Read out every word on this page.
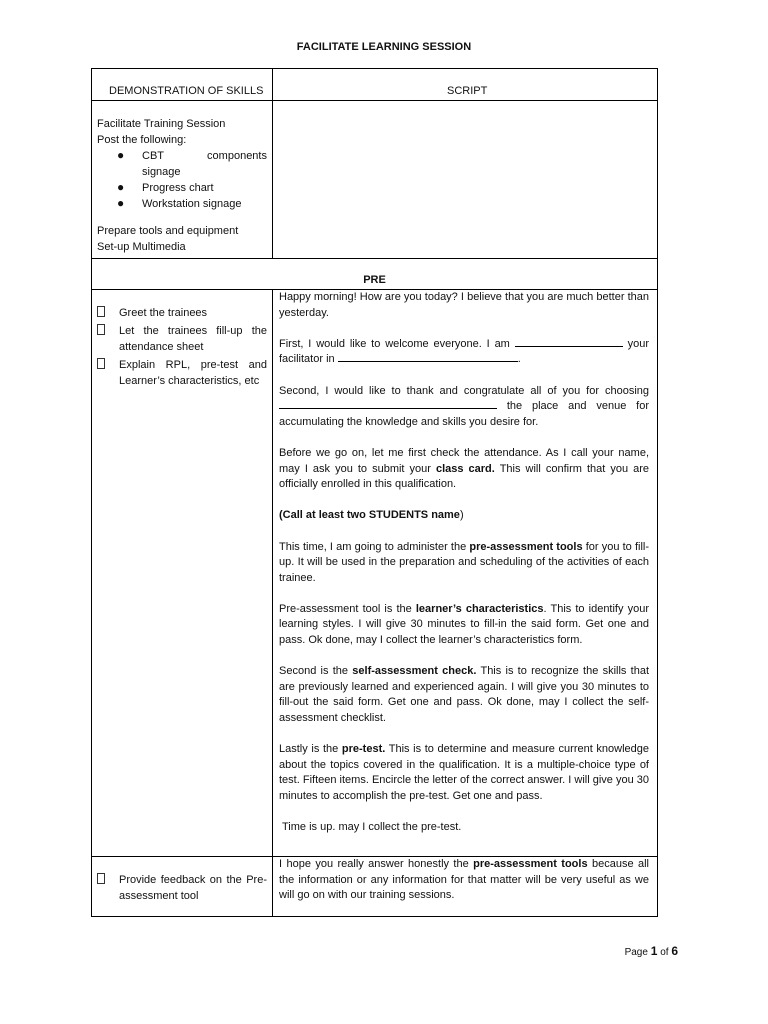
FACILITATE LEARNING SESSION
DEMONSTRATION OF SKILLS	SCRIPT
Facilitate Training Session
Post the following:
● CBT components signage
● Progress chart
● Workstation signage
Prepare tools and equipment
Set-up Multimedia
PRE
Greet the trainees
Let the trainees fill-up the attendance sheet
Explain RPL, pre-test and Learner’s characteristics, etc

Happy morning! How are you today? I believe that you are much better than yesterday.

First, I would like to welcome everyone. I am	your facilitator in	.

Second, I would like to thank and congratulate all of you for choosing  the place and venue for accumulating the knowledge and skills you desire for.

Before we go on, let me first check the attendance. As I call your name, may I ask you to submit your class card. This will confirm that you are officially enrolled in this qualification.

(Call at least two STUDENTS name)

This time, I am going to administer the pre-assessment tools for you to fill-up. It will be used in the preparation and scheduling of the activities of each trainee.

Pre-assessment tool is the learner’s characteristics. This to identify your learning styles. I will give 30 minutes to fill-in the said form. Get one and pass. Ok done, may I collect the learner’s characteristics form.

Second is the self-assessment check. This is to recognize the skills that are previously learned and experienced again. I will give you 30 minutes to fill-out the said form. Get one and pass. Ok done, may I collect the self- assessment checklist.

Lastly is the pre-test. This is to determine and measure current knowledge about the topics covered in the qualification. It is a multiple-choice type of test. Fifteen items. Encircle the letter of the correct answer. I will give you 30 minutes to accomplish the pre-test. Get one and pass.

Time is up. may I collect the pre-test.

Provide feedback on the Pre-assessment tool

I hope you really answer honestly the pre-assessment tools because all the information or any information for that matter will be very useful as we will go on with our training sessions.

Page 1 of 6
